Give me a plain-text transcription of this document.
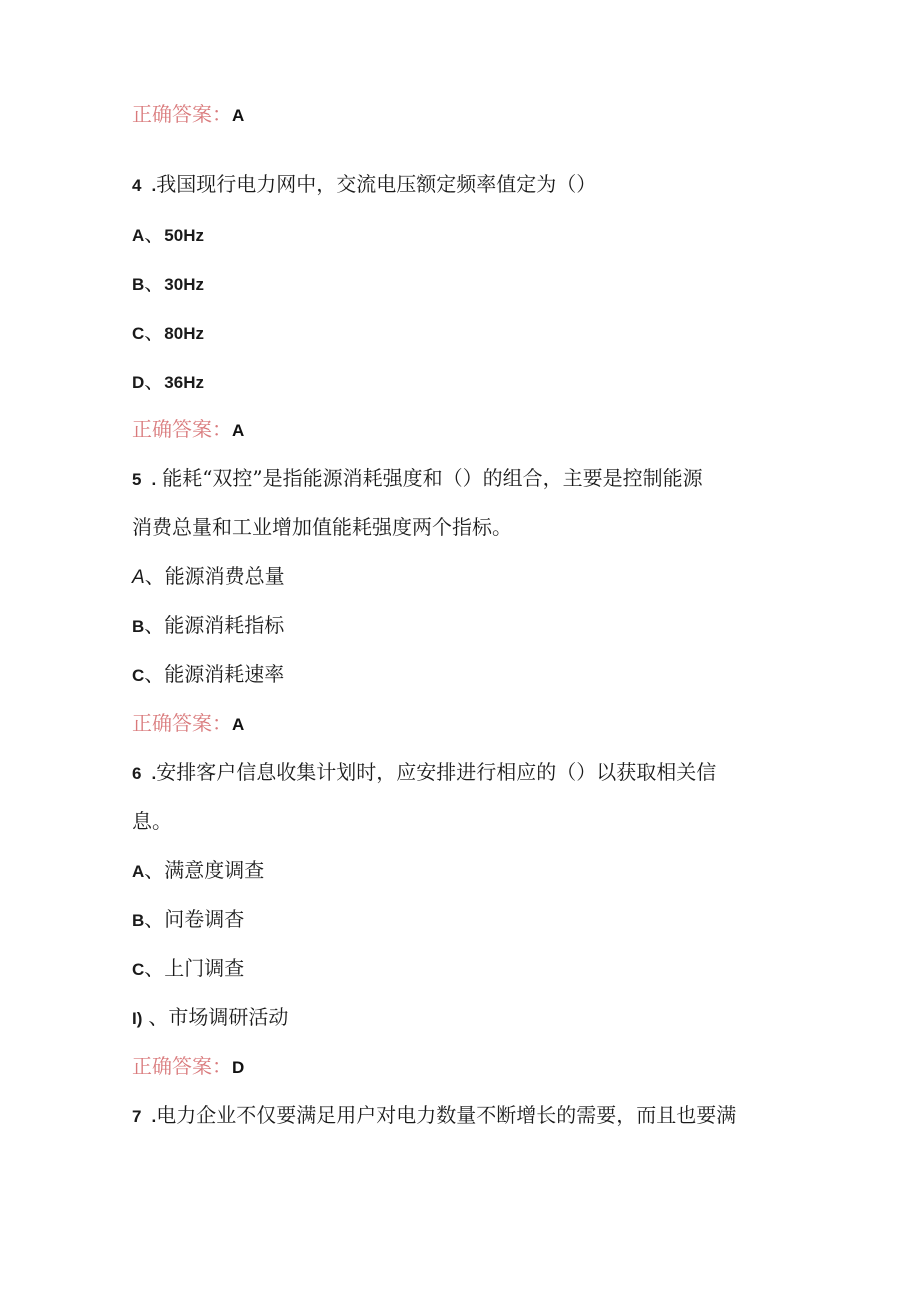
正确答案：A
4 .我国现行电力网中，交流电压额定频率值定为（）
A、50Hz
B、30Hz
C、80Hz
D、36Hz
正确答案：A
5 . 能耗“双控”是指能源消耗强度和（）的组合，主要是控制能源
消费总量和工业增加值能耗强度两个指标。
A、能源消费总量
B、能源消耗指标
C、能源消耗速率
正确答案：A
6 .安排客户信息收集计划时，应安排进行相应的（）以获取相关信
息。
A、满意度调查
B、问卷调杳
C、上门调查
I) 、市场调研活动
正确答案：D
7 .电力企业不仅要满足用户对电力数量不断增长的需要，而且也要满
